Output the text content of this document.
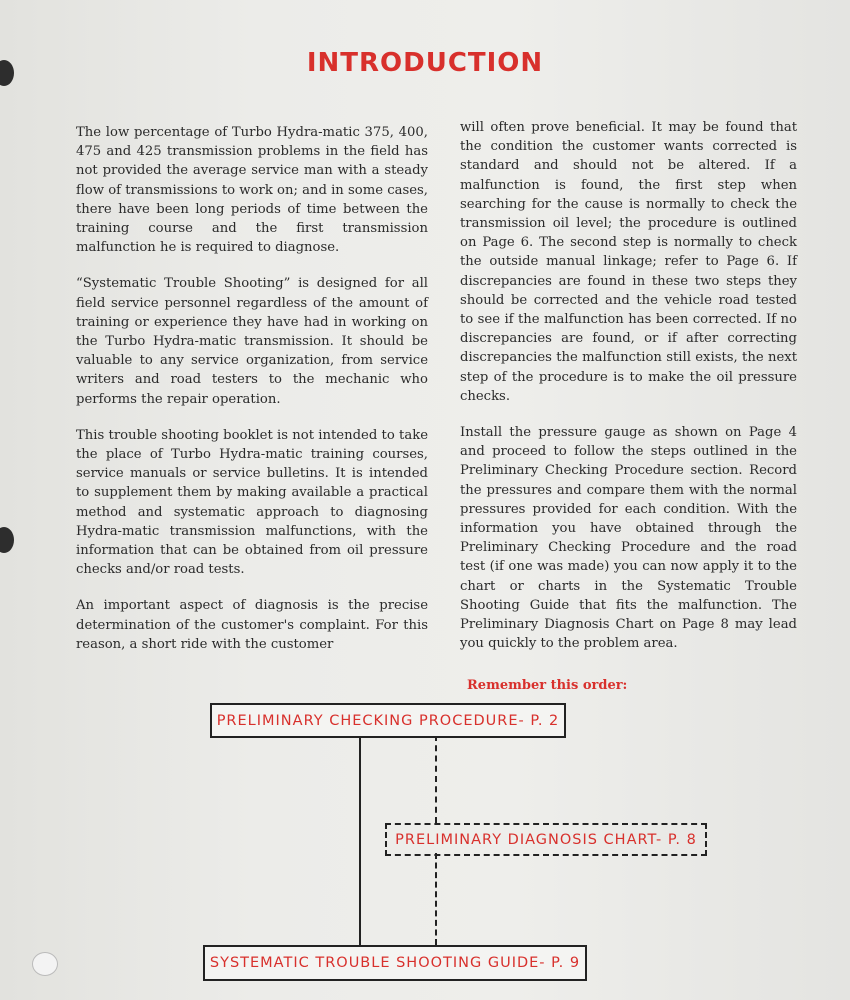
INTRODUCTION

The low percentage of Turbo Hydra-matic 375, 400, 475 and 425 transmission problems in the field has not provided the average service man with a steady flow of transmissions to work on; and in some cases, there have been long periods of time between the training course and the first transmission malfunction he is required to diagnose.

“Systematic Trouble Shooting” is designed for all field service personnel regardless of the amount of training or experience they have had in working on the Turbo Hydra-matic transmission. It should be valuable to any service organization, from service writers and road testers to the mechanic who performs the repair operation.

This trouble shooting booklet is not intended to take the place of Turbo Hydra-matic training courses, service manuals or service bulletins. It is intended to supplement them by making available a practical method and systematic approach to diagnosing Hydra-matic transmission malfunctions, with the information that can be obtained from oil pressure checks and/or road tests.

An important aspect of diagnosis is the precise determination of the customer's complaint. For this reason, a short ride with the customer

will often prove beneficial. It may be found that the condition the customer wants corrected is standard and should not be altered. If a malfunction is found, the first step when searching for the cause is normally to check the transmission oil level; the procedure is outlined on Page 6. The second step is normally to check the outside manual linkage; refer to Page 6. If discrepancies are found in these two steps they should be corrected and the vehicle road tested to see if the malfunction has been corrected. If no discrepancies are found, or if after correcting discrepancies the malfunction still exists, the next step of the procedure is to make the oil pressure checks.

Install the pressure gauge as shown on Page 4 and proceed to follow the steps outlined in the Preliminary Checking Procedure section. Record the pressures and compare them with the normal pressures provided for each condition. With the information you have obtained through the Preliminary Checking Procedure and the road test (if one was made) you can now apply it to the chart or charts in the Systematic Trouble Shooting Guide that fits the malfunction. The Preliminary Diagnosis Chart on Page 8 may lead you quickly to the problem area.

Remember this order:
PRELIMINARY CHECKING PROCEDURE- P. 2
PRELIMINARY DIAGNOSIS CHART- P. 8
SYSTEMATIC TROUBLE SHOOTING GUIDE- P. 9
